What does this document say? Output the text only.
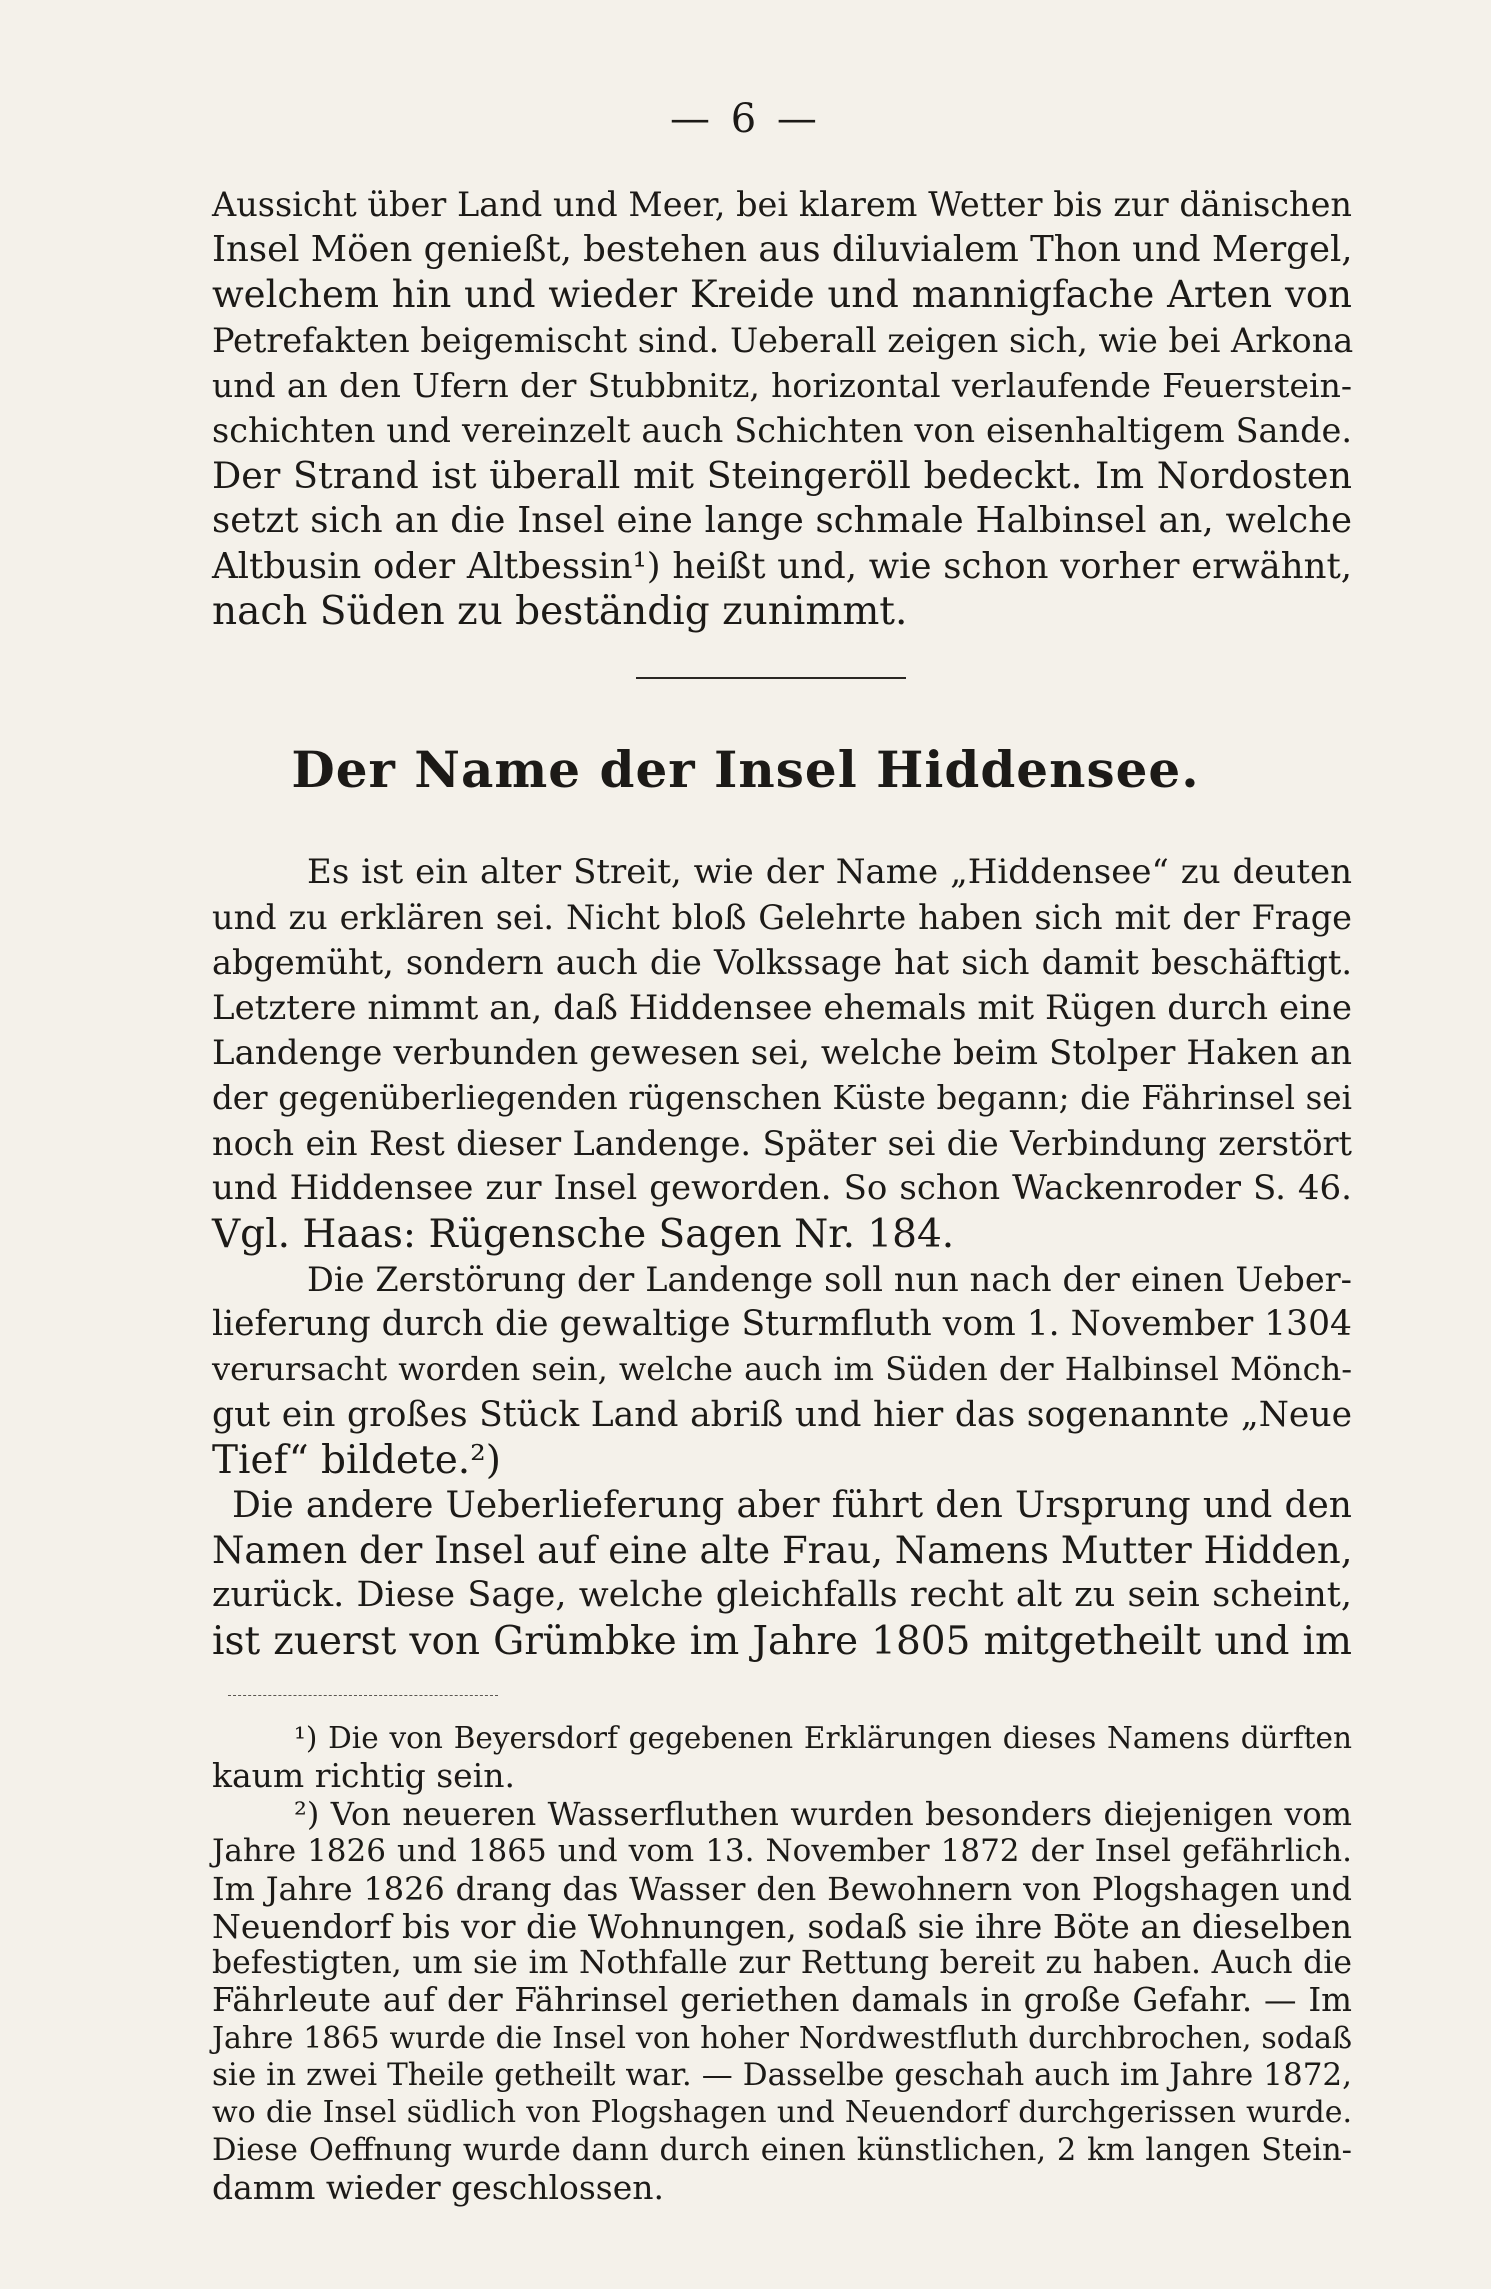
— 6 —
Aussicht über Land und Meer, bei klarem Wetter bis zur dänischen
Insel Möen genießt, bestehen aus diluvialem Thon und Mergel,
welchem hin und wieder Kreide und mannigfache Arten von
Petrefakten beigemischt sind. Ueberall zeigen sich, wie bei Arkona
und an den Ufern der Stubbnitz, horizontal verlaufende Feuerstein-
schichten und vereinzelt auch Schichten von eisenhaltigem Sande.
Der Strand ist überall mit Steingeröll bedeckt. Im Nordosten
setzt sich an die Insel eine lange schmale Halbinsel an, welche
Altbusin oder Altbessin¹) heißt und, wie schon vorher erwähnt,
nach Süden zu beständig zunimmt.
Der Name der Insel Hiddensee.
Es ist ein alter Streit, wie der Name „Hiddensee“ zu deuten
und zu erklären sei. Nicht bloß Gelehrte haben sich mit der Frage
abgemüht, sondern auch die Volkssage hat sich damit beschäftigt.
Letztere nimmt an, daß Hiddensee ehemals mit Rügen durch eine
Landenge verbunden gewesen sei, welche beim Stolper Haken an
der gegenüberliegenden rügenschen Küste begann; die Fährinsel sei
noch ein Rest dieser Landenge. Später sei die Verbindung zerstört
und Hiddensee zur Insel geworden. So schon Wackenroder S. 46.
Vgl. Haas: Rügensche Sagen Nr. 184.
Die Zerstörung der Landenge soll nun nach der einen Ueber-
lieferung durch die gewaltige Sturmfluth vom 1. November 1304
verursacht worden sein, welche auch im Süden der Halbinsel Mönch-
gut ein großes Stück Land abriß und hier das sogenannte „Neue
Tief“ bildete.²)
Die andere Ueberlieferung aber führt den Ursprung und den
Namen der Insel auf eine alte Frau, Namens Mutter Hidden,
zurück. Diese Sage, welche gleichfalls recht alt zu sein scheint,
ist zuerst von Grümbke im Jahre 1805 mitgetheilt und im
¹) Die von Beyersdorf gegebenen Erklärungen dieses Namens dürften
kaum richtig sein.
²) Von neueren Wasserfluthen wurden besonders diejenigen vom
Jahre 1826 und 1865 und vom 13. November 1872 der Insel gefährlich.
Im Jahre 1826 drang das Wasser den Bewohnern von Plogshagen und
Neuendorf bis vor die Wohnungen, sodaß sie ihre Böte an dieselben
befestigten, um sie im Nothfalle zur Rettung bereit zu haben. Auch die
Fährleute auf der Fährinsel geriethen damals in große Gefahr. — Im
Jahre 1865 wurde die Insel von hoher Nordwestfluth durchbrochen, sodaß
sie in zwei Theile getheilt war. — Dasselbe geschah auch im Jahre 1872,
wo die Insel südlich von Plogshagen und Neuendorf durchgerissen wurde.
Diese Oeffnung wurde dann durch einen künstlichen, 2 km langen Stein-
damm wieder geschlossen.
